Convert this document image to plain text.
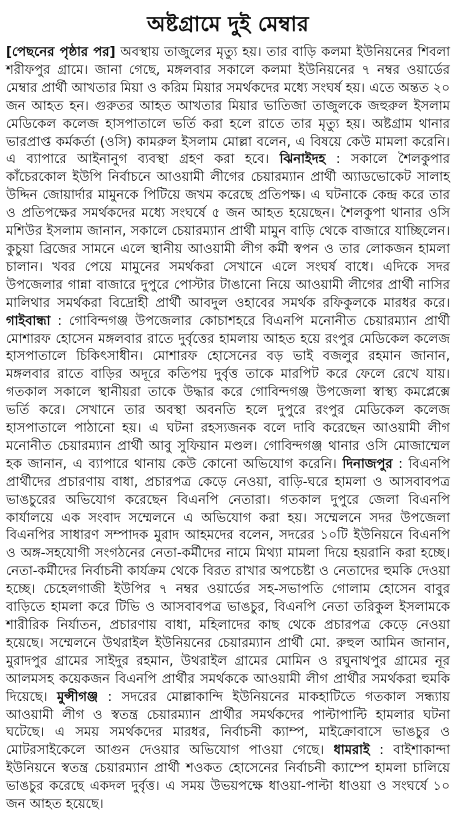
অষ্টগ্রামে দুই মেম্বার
[পেছনের পৃষ্ঠার পর] অবস্থায় তাজুলের মৃত্যু হয়। তার বাড়ি কলমা ইউনিয়নের শিবলা শরীফপুর গ্রামে। জানা গেছে, মঙ্গলবার সকালে কলমা ইউনিয়নের ৭ নম্বর ওয়ার্ডের মেম্বার প্রার্থী আখতার মিয়া ও করিম মিয়ার সমর্থকদের মধ্যে সংঘর্ষ হয়। এতে অন্তত ২০ জন আহত হন। গুরুতর আহত আখতার মিয়ার ভাতিজা তাজুলকে জহুরুল ইসলাম মেডিকেল কলেজ হাসপাতালে ভর্তি করা হলে রাতে তার মৃত্যু হয়। অষ্টগ্রাম থানার ভারপ্রাপ্ত কর্মকর্তা (ওসি) কামরুল ইসলাম মোল্লা বলেন, এ বিষয়ে কেউ মামলা করেনি। এ ব্যাপারে আইনানুগ ব্যবস্থা গ্রহণ করা হবে। ঝিনাইদহ : সকালে শৈলকুপার কাঁচেরকোল ইউপি নির্বাচনে আওয়ামী লীগের চেয়ারম্যান প্রার্থী অ্যাডভোকেট সালাহ উদ্দিন জোয়ার্দার মামুনকে পিটিয়ে জখম করেছে প্রতিপক্ষ। এ ঘটনাকে কেন্দ্র করে তার ও প্রতিপক্ষের সমর্থকদের মধ্যে সংঘর্ষে ৫ জন আহত হয়েছেন। শৈলকুপা থানার ওসি মশিউর ইসলাম জানান, সকালে চেয়ারম্যান প্রার্থী মামুন বাড়ি থেকে বাজারে যাচ্ছিলেন। কুচুয়া ব্রিজের সামনে এলে স্থানীয় আওয়ামী লীগ কর্মী স্বপন ও তার লোকজন হামলা চালান। খবর পেয়ে মামুনের সমর্থকরা সেখানে এলে সংঘর্ষ বাধে। এদিকে সদর উপজেলার গান্না বাজারে দুপুরে পোস্টার টাঙানো নিয়ে আওয়ামী লীগের প্রার্থী নাসির মালিথার সমর্থকরা বিদ্রোহী প্রার্থী আবদুল ওহাবের সমর্থক রফিকুলকে মারধর করে। গাইবান্ধা : গোবিন্দগঞ্জ উপজেলার কোচাশহরে বিএনপি মনোনীত চেয়ারম্যান প্রার্থী মোশারফ হোসেন মঙ্গলবার রাতে দুর্বৃত্তের হামলায় আহত হয়ে রংপুর মেডিকেল কলেজ হাসপাতালে চিকিৎসাধীন। মোশারফ হোসেনের বড় ভাই বজলুর রহমান জানান, মঙ্গলবার রাতে বাড়ির অদূরে কতিপয় দুর্বৃত্ত তাকে মারপিট করে ফেলে রেখে যায়। গতকাল সকালে স্থানীয়রা তাকে উদ্ধার করে গোবিন্দগঞ্জ উপজেলা স্বাস্থ্য কমপ্লেক্সে ভর্তি করে। সেখানে তার অবস্থা অবনতি হলে দুপুরে রংপুর মেডিকেল কলেজ হাসপাতালে পাঠানো হয়। এ ঘটনা রহস্যজনক বলে দাবি করেছেন আওয়ামী লীগ মনোনীত চেয়ারম্যান প্রার্থী আবু সুফিয়ান মণ্ডল। গোবিন্দগঞ্জ থানার ওসি মোজাম্মেল হক জানান, এ ব্যাপারে থানায় কেউ কোনো অভিযোগ করেনি। দিনাজপুর : বিএনপি প্রার্থীদের প্রচারণায় বাধা, প্রচারপত্র কেড়ে নেওয়া, বাড়ি-ঘরে হামলা ও আসবাবপত্র ভাঙচুরের অভিযোগ করেছেন বিএনপি নেতারা। গতকাল দুপুরে জেলা বিএনপি কার্যালয়ে এক সংবাদ সম্মেলনে এ অভিযোগ করা হয়। সম্মেলনে সদর উপজেলা বিএনপির সাধারণ সম্পাদক মুরাদ আহমদের বলেন, সদরের ১০টি ইউনিয়নে বিএনপি ও অঙ্গ-সহযোগী সংগঠনের নেতা-কর্মীদের নামে মিথ্যা মামলা দিয়ে হয়রানি করা হচ্ছে। নেতা-কর্মীদের নির্বাচনী কার্যক্রম থেকে বিরত রাখার অপচেষ্টা ও নেতাদের হুমকি দেওয়া হচ্ছে। চেহেলগাজী ইউপির ৭ নম্বর ওয়ার্ডের সহ-সভাপতি গোলাম হোসেন বাবুর বাড়িতে হামলা করে টিভি ও আসবাবপত্র ভাঙচুর, বিএনপি নেতা তরিকুল ইসলামকে শারীরিক নির্যাতন, প্রচারণায় বাধা, মহিলাদের কাছ থেকে প্রচারপত্র কেড়ে নেওয়া হয়েছে। সম্মেলনে উথরাইল ইউনিয়নের চেয়ারম্যান প্রার্থী মো. রুহুল আমিন জানান, মুরাদপুর গ্রামের সাইদুর রহমান, উথরাইল গ্রামের মোমিন ও রঘুনাথপুর গ্রামের নূর আলমসহ কয়েকজন বিএনপি প্রার্থীর সমর্থককে আওয়ামী লীগ প্রার্থীর সমর্থকরা হুমকি দিয়েছে। মুন্সীগঞ্জ : সদরের মোল্লাকান্দি ইউনিয়নের মাকহাটিতে গতকাল সন্ধ্যায় আওয়ামী লীগ ও স্বতন্ত্র চেয়ারম্যান প্রার্থীর সমর্থকদের পাল্টাপাল্টি হামলার ঘটনা ঘটেছে। এ সময় সমর্থকদের মারধর, নির্বাচনী ক্যাম্প, মাইক্রোবাসে ভাঙচুর ও মোটরসাইকেলে আগুন দেওয়ার অভিযোগ পাওয়া গেছে। ধামরাই : বাইশাকান্দা ইউনিয়নে স্বতন্ত্র চেয়ারম্যান প্রার্থী শওকত হোসেনের নির্বাচনী ক্যাম্পে হামলা চালিয়ে ভাঙচুর করেছে একদল দুর্বৃত্ত। এ সময় উভয়পক্ষে ধাওয়া-পাল্টা ধাওয়া ও সংঘর্ষে ১০ জন আহত হয়েছে।
